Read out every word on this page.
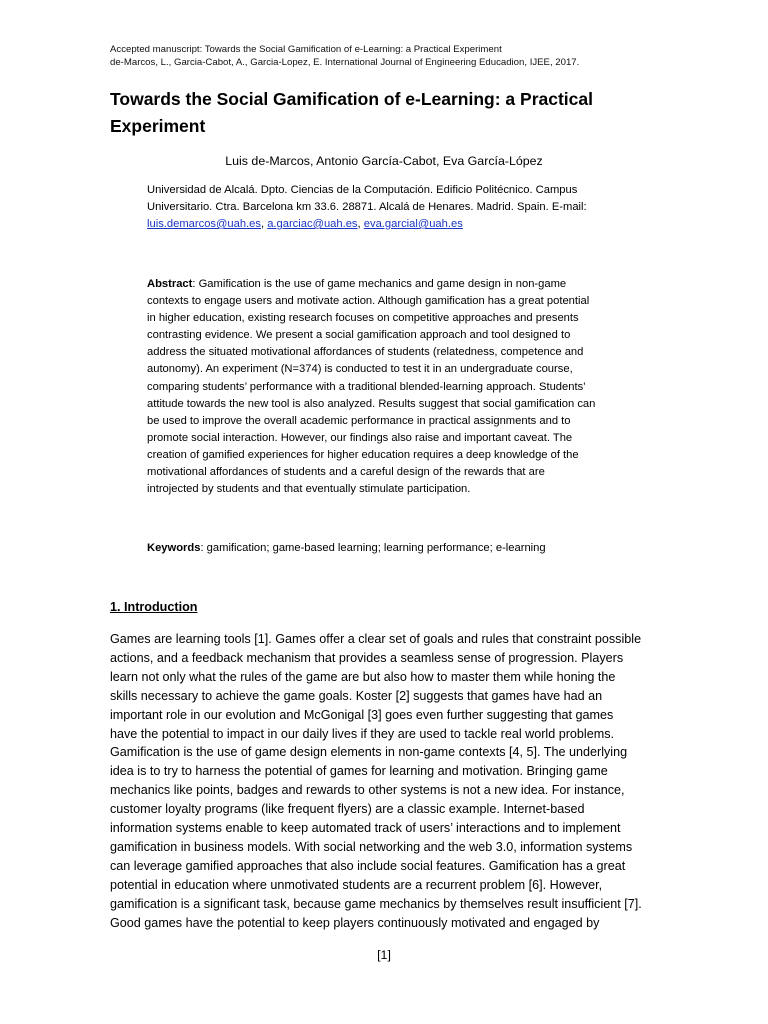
Accepted manuscript: Towards the Social Gamification of e-Learning: a Practical Experiment
de-Marcos, L., Garcia-Cabot, A., Garcia-Lopez, E. International Journal of Engineering Educadion, IJEE, 2017.
Towards the Social Gamification of e-Learning: a Practical
Experiment
Luis de-Marcos, Antonio García-Cabot, Eva García-López
Universidad de Alcalá. Dpto. Ciencias de la Computación. Edificio Politécnico. Campus
Universitario. Ctra. Barcelona km 33.6. 28871. Alcalá de Henares. Madrid. Spain. E-mail:
luis.demarcos@uah.es, a.garciac@uah.es, eva.garcial@uah.es
Abstract: Gamification is the use of game mechanics and game design in non-game
contexts to engage users and motivate action. Although gamification has a great potential
in higher education, existing research focuses on competitive approaches and presents
contrasting evidence. We present a social gamification approach and tool designed to
address the situated motivational affordances of students (relatedness, competence and
autonomy). An experiment (N=374) is conducted to test it in an undergraduate course,
comparing students’ performance with a traditional blended-learning approach. Students’
attitude towards the new tool is also analyzed. Results suggest that social gamification can
be used to improve the overall academic performance in practical assignments and to
promote social interaction. However, our findings also raise and important caveat. The
creation of gamified experiences for higher education requires a deep knowledge of the
motivational affordances of students and a careful design of the rewards that are
introjected by students and that eventually stimulate participation.
Keywords: gamification; game-based learning; learning performance; e-learning
1. Introduction
Games are learning tools [1]. Games offer a clear set of goals and rules that constraint possible
actions, and a feedback mechanism that provides a seamless sense of progression. Players
learn not only what the rules of the game are but also how to master them while honing the
skills necessary to achieve the game goals. Koster [2] suggests that games have had an
important role in our evolution and McGonigal [3] goes even further suggesting that games
have the potential to impact in our daily lives if they are used to tackle real world problems.
Gamification is the use of game design elements in non-game contexts [4, 5]. The underlying
idea is to try to harness the potential of games for learning and motivation. Bringing game
mechanics like points, badges and rewards to other systems is not a new idea. For instance,
customer loyalty programs (like frequent flyers) are a classic example. Internet-based
information systems enable to keep automated track of users’ interactions and to implement
gamification in business models. With social networking and the web 3.0, information systems
can leverage gamified approaches that also include social features. Gamification has a great
potential in education where unmotivated students are a recurrent problem [6]. However,
gamification is a significant task, because game mechanics by themselves result insufficient [7].
Good games have the potential to keep players continuously motivated and engaged by
[1]
